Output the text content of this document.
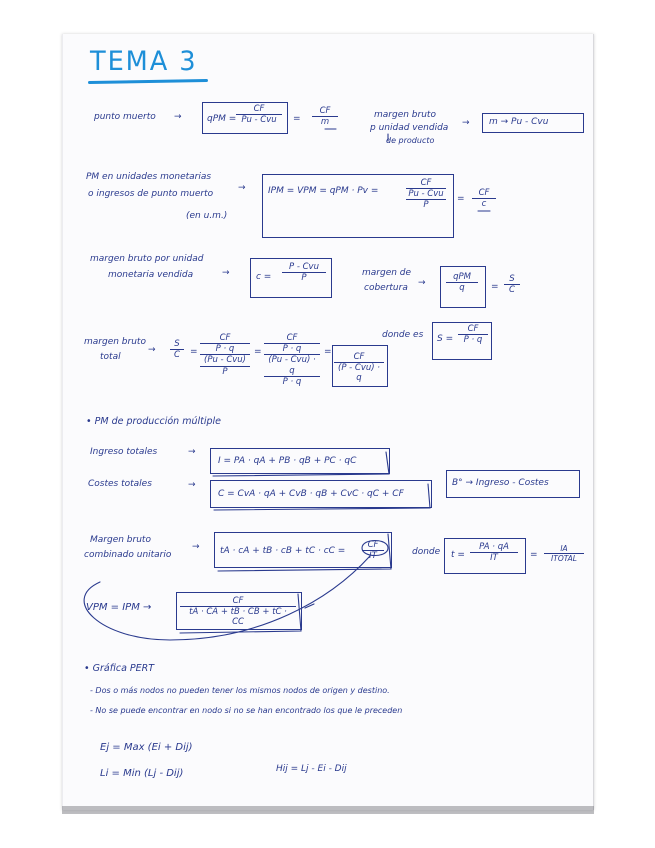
TEMA 3
punto muerto →	qPM =
CF
Pu - Cvu	= $\frac{CF}{m}$	margen bruto
p unidad vendida
de producto
→ m → Pu - Cvu
PM en unidades monetarias
o ingresos de punto muerto
(en u.m.)
→ IPM = VPM = qPM · Pv =
CF
Pu - Cvu
P
= $\frac{CF}{c}$
margen bruto por unidad
monetaria vendida	→	c =
P - Cvu
P
margen de
cobertura →
qPM
q	= $\frac{S}{C}$
donde es $S = \frac{CF}{P \cdot q}$
margen bruto
total
→ $\frac{S}{C}$ =
CF
P · q
(Pu - Cvu)
P
=
CF
P · q
(Pu - Cvu) · q
P · q
=	CF
(P - Cvu) · q
• PM de producción múltiple
Ingreso totales	→
I = PA · qA + PB · qB + PC · qC
Costes totales	→
C = CvA · qA + CvB · qB + CvC · qC + CF
B° → Ingreso - Costes
Margen bruto
combinado unitario
→ tA · cA + tB · cB + tC · cC = $\frac{CF}{IT}$	donde $t = \frac{PA \cdot qA}{IT}$ =
IA
ITOTAL
VPM = IPM →	$\frac{CF}{tA \cdot CA + tB \cdot CB + tC \cdot CC}$
• Gráfica PERT
- Dos o más nodos no pueden tener los mismos nodos de origen y destino.
- No se puede encontrar en nodo si no se han encontrado los que le preceden
Ej = Max (Ei + Dij)
Li = Min (Lj - Dij)	Hij = Lj - Ei - Dij
